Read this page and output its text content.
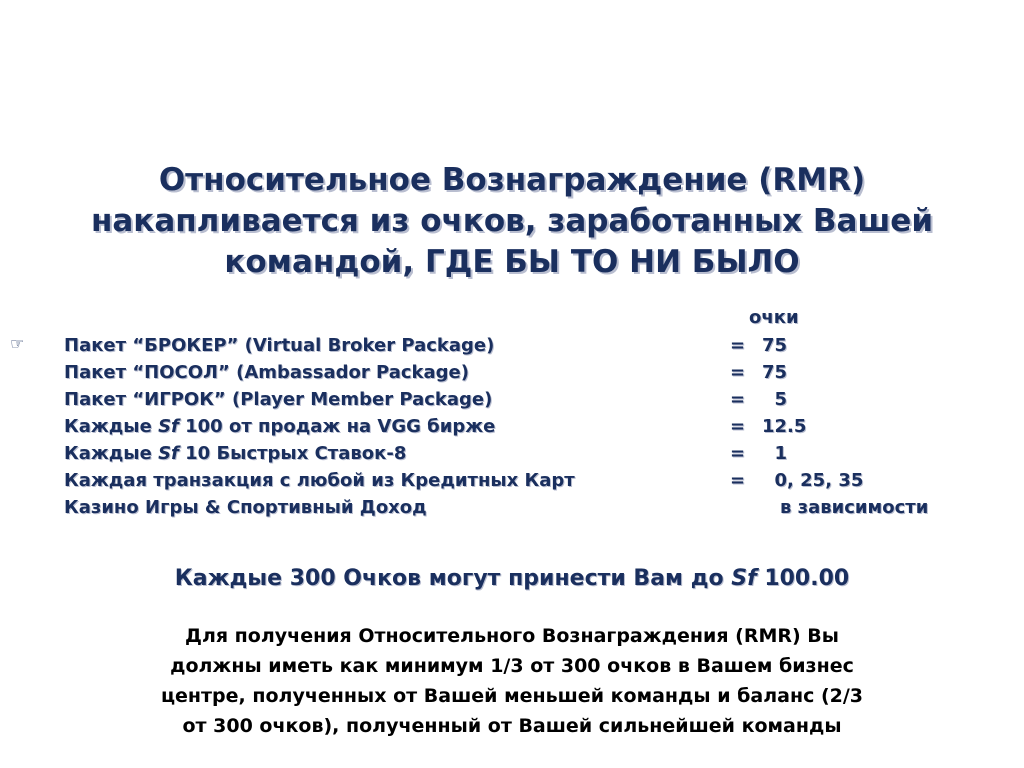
Относительное Вознаграждение (RMR)
накапливается из очков, заработанных Вашей
командой, ГДЕ БЫ ТО НИ БЫЛО
очки
☞ Пакет “БРОКЕР” (Virtual Broker Package)	= 75
Пакет “ПОСОЛ” (Ambassador Package)	= 75
Пакет “ИГРОК” (Player Member Package)	= 5
Каждые Sf 100 от продаж на VGG бирже	= 12.5
Каждые Sf 10 Быстрых Ставок-8	= 1
Каждая транзакция с любой из Кредитных Карт	= 0, 25, 35
Казино Игры & Спортивный Доход	в зависимости
Каждые 300 Очков могут принести Вам до Sf 100.00
Для получения Относительного Вознаграждения (RMR) Вы
должны иметь как минимум 1/3 от 300 очков в Вашем бизнес
центре, полученных от Вашей меньшей команды и баланс (2/3
от 300 очков), полученный от Вашей сильнейшей команды
